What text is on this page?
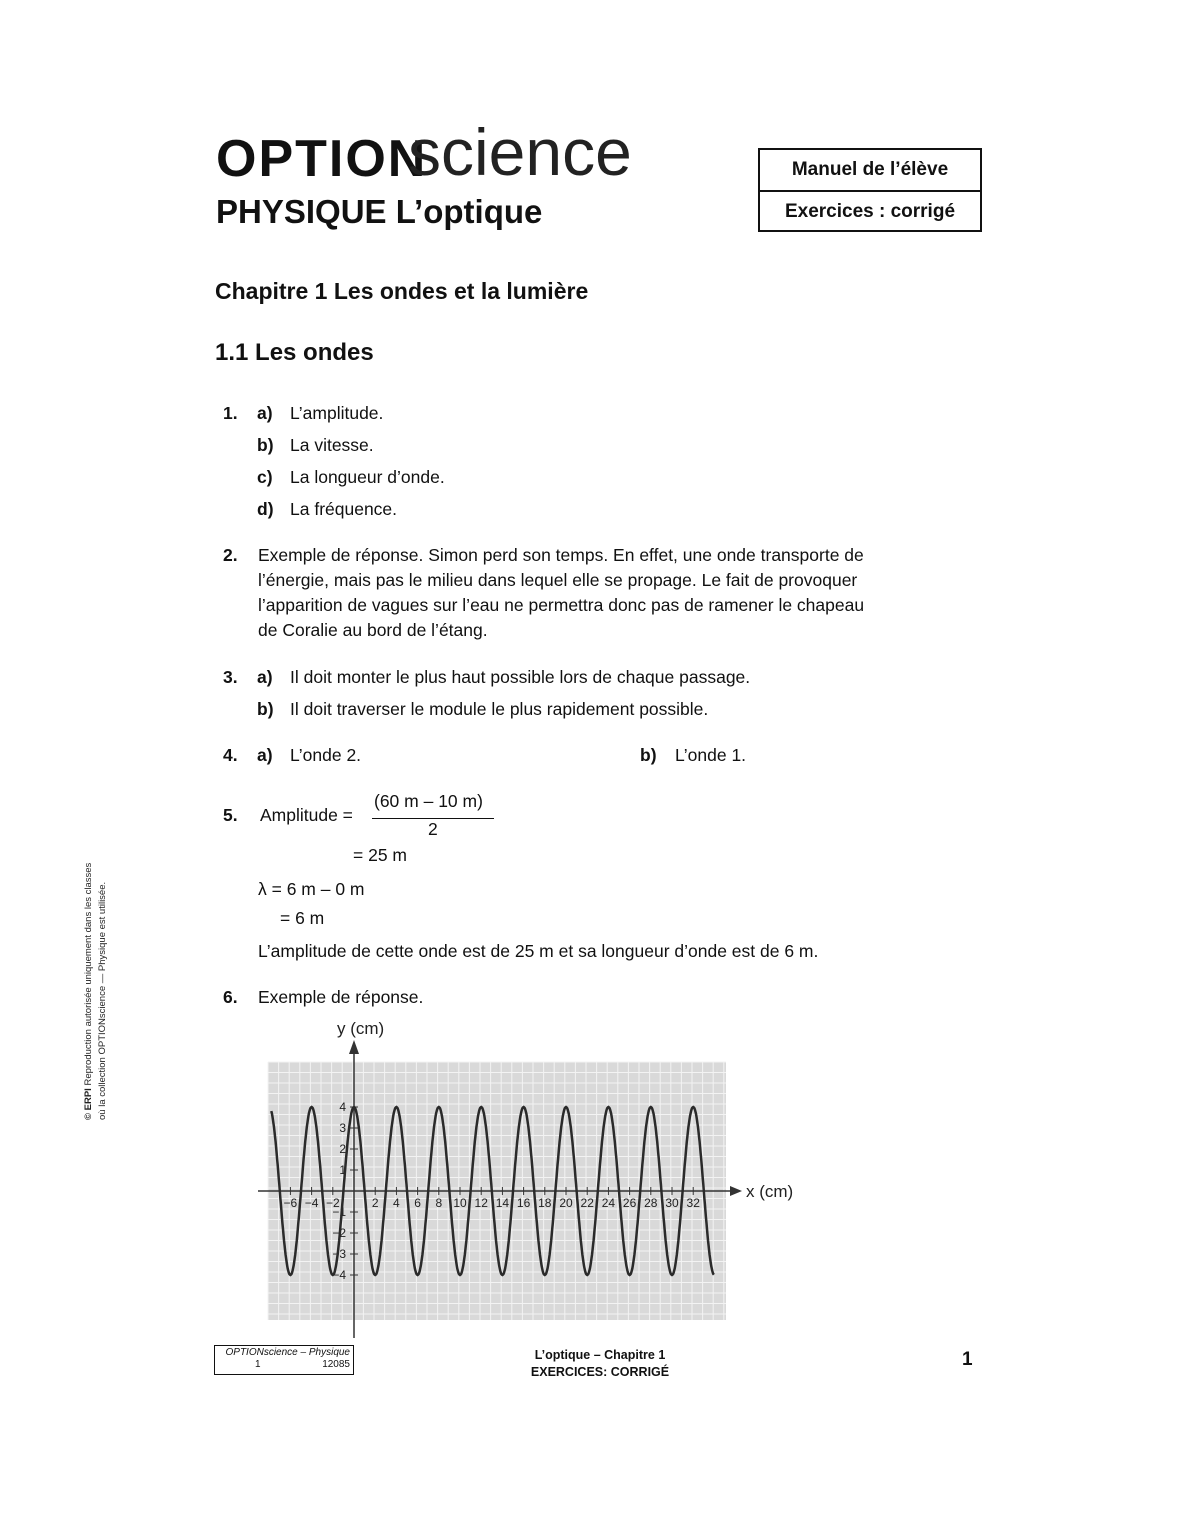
OPTION
science
PHYSIQUE L’optique
Manuel de l’élève
Exercices : corrigé
Chapitre 1 Les ondes et la lumière
1.1 Les ondes
1. a) L’amplitude.
b) La vitesse.
c) La longueur d’onde.
d) La fréquence.
2. Exemple de réponse. Simon perd son temps. En effet, une onde transporte de
l’énergie, mais pas le milieu dans lequel elle se propage. Le fait de provoquer
l’apparition de vagues sur l’eau ne permettra donc pas de ramener le chapeau
de Coralie au bord de l’étang.
3. a) Il doit monter le plus haut possible lors de chaque passage.
b) Il doit traverser le module le plus rapidement possible.
4. a) L’onde 2.	b) L’onde 1.
5. Amplitude =
(60 m – 10 m)
2
= 25 m
λ = 6 m – 0 m
= 6 m
L’amplitude de cette onde est de 25 m et sa longueur d’onde est de 6 m.
6. Exemple de réponse.
x (cm)
y (cm)
−6 −4 −2	2 4 6 8 10 12 14 16 18 20 22 24 26 28 30 32
4
3
2
1
−1
−2
−3
−4
© ERPI Reproduction autorisée uniquement dans les classes où la collection OPTIONscience — Physique est utilisée.
OPTIONscience – Physique
1	12085
L’optique – Chapitre 1
EXERCICES: CORRIGÉ
1
